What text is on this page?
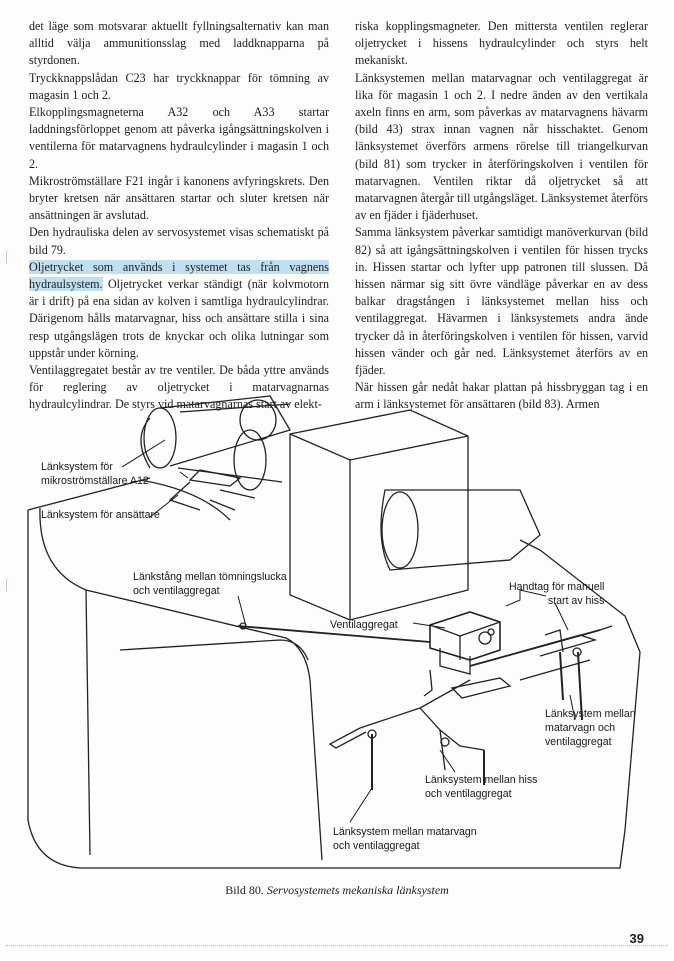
det läge som motsvarar aktuellt fyllningsalternativ kan man alltid välja ammunitionsslag med laddknapparna på styrdonen.

Tryckknappslådan C23 har tryckknappar för tömning av magasin 1 och 2.

Elkopplingsmagneterna A32 och A33 startar laddningsförloppet genom att påverka igångsättningskolven i ventilerna för matarvagnens hydraulcylinder i magasin 1 och 2.

Mikroströmställare F21 ingår i kanonens avfyringskrets. Den bryter kretsen när ansättaren startar och sluter kretsen när ansättningen är avslutad.

Den hydrauliska delen av servosystemet visas schematiskt på bild 79.

Oljetrycket som används i systemet tas från vagnens hydraulsystem. Oljetrycket verkar ständigt (när kolvmotorn är i drift) på ena sidan av kolven i samtliga hydraulcylindrar. Därigenom hålls matarvagnar, hiss och ansättare stilla i sina resp utgångslägen trots de knyckar och olika lutningar som uppstår under körning.

Ventilaggregatet består av tre ventiler. De båda yttre används för reglering av oljetrycket i matarvagnarnas hydraulcylindrar. De styrs vid matarvagnarnas start av elekt-

riska kopplingsmagneter. Den mittersta ventilen reglerar oljetrycket i hissens hydraulcylinder och styrs helt mekaniskt.

Länksystemen mellan matarvagnar och ventilaggregat är lika för magasin 1 och 2. I nedre änden av den vertikala axeln finns en arm, som påverkas av matarvagnens hävarm (bild 43) strax innan vagnen når hisschaktet. Genom länksystemet överförs armens rörelse till triangelkurvan (bild 81) som trycker in återföringskolven i ventilen för matarvagnen. Ventilen riktar då oljetrycket så att matarvagnen återgår till utgångsläget. Länksystemet återförs av en fjäder i fjäderhuset.

Samma länksystem påverkar samtidigt manöverkurvan (bild 82) så att igångsättningskolven i ventilen för hissen trycks in. Hissen startar och lyfter upp patronen till slussen. Då hissen närmar sig sitt övre vändläge påverkar en av dess balkar dragstången i länksystemet mellan hiss och ventilaggregat. Hävarmen i länksystemets andra ände trycker då in återföringskolven i ventilen för hissen, varvid hissen vänder och går ned. Länksystemet återförs av en fjäder.

När hissen går nedåt hakar plattan på hissbryggan tag i en arm i länksystemet för ansättaren (bild 83). Armen

Länksystem för
mikroströmställare A12
Länksystem för ansättare
Länkstång mellan tömningslucka
och ventilaggregat	Handtag för manuell
start av hiss
Ventilaggregat
Länksystem mellan
matarvagn och
ventilaggregat
Länksystem mellan hiss
och ventilaggregat
Länksystem mellan matarvagn
och ventilaggregat
Bild 80. Servosystemets mekaniska länksystem
39
